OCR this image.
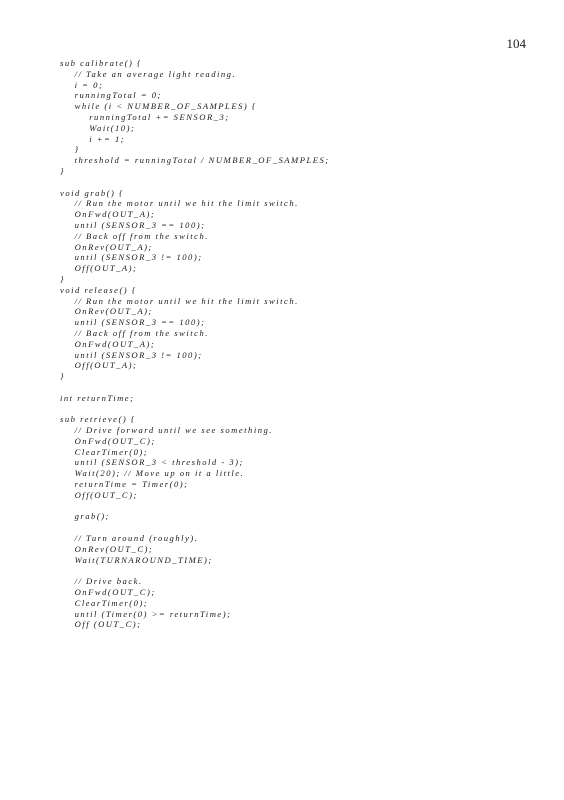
104
sub calibrate() {
// Take an average light reading.
i = 0;
runningTotal = 0;
while (i < NUMBER_OF_SAMPLES) {
runningTotal += SENSOR_3;
Wait(10);
i += 1;
}
threshold = runningTotal / NUMBER_OF_SAMPLES;
}
void grab() {
// Run the motor until we hit the limit switch.
OnFwd(OUT_A);
until (SENSOR_3 == 100);
// Back off from the switch.
OnRev(OUT_A);
until (SENSOR_3 != 100);
Off(OUT_A);
}
void release() {
// Run the motor until we hit the limit switch.
OnRev(OUT_A);
until (SENSOR_3 == 100);
// Back off from the switch.
OnFwd(OUT_A);
until (SENSOR_3 != 100);
Off(OUT_A);
}
int returnTime;
sub retrieve() {
// Drive forward until we see something.
OnFwd(OUT_C);
ClearTimer(0);
until (SENSOR_3 < threshold - 3);
Wait(20); // Move up on it a little.
returnTime = Timer(0);
Off(OUT_C);
grab();
// Turn around (roughly).
OnRev(OUT_C);
Wait(TURNAROUND_TIME);
// Drive back.
OnFwd(OUT_C);
ClearTimer(0);
until (Timer(0) >= returnTime);
Off (OUT_C);
